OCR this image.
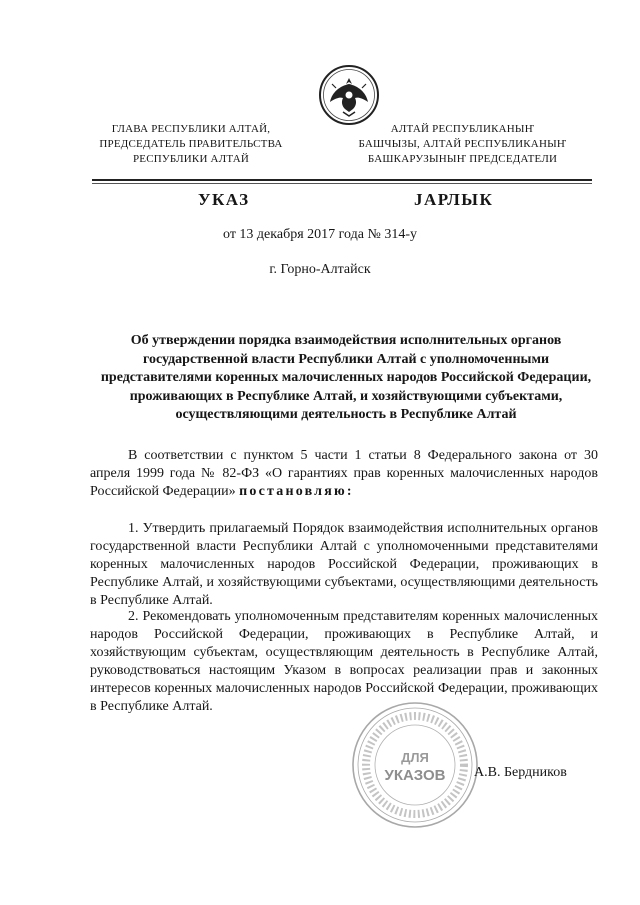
ГЛАВА РЕСПУБЛИКИ АЛТАЙ,
ПРЕДСЕДАТЕЛЬ ПРАВИТЕЛЬСТВА
РЕСПУБЛИКИ АЛТАЙ
АЛТАЙ РЕСПУБЛИКАНЫҤ
БАШЧЫЗЫ, АЛТАЙ РЕСПУБЛИКАНЫҤ
БАШКАРУЗЫНЫҤ ПРЕДСЕДАТЕЛИ
УКАЗ	JАРЛЫК
от 13 декабря 2017 года № 314-у
г. Горно-Алтайск
Об утверждении порядка взаимодействия исполнительных органов государственной власти Республики Алтай с уполномоченными представителями коренных малочисленных народов Российской Федерации, проживающих в Республике Алтай, и хозяйствующими субъектами, осуществляющими деятельность в Республике Алтай
В соответствии с пунктом 5 части 1 статьи 8 Федерального закона от 30 апреля 1999 года № 82-ФЗ «О гарантиях прав коренных малочисленных народов Российской Федерации» постановляю:
1. Утвердить прилагаемый Порядок взаимодействия исполнительных органов государственной власти Республики Алтай с уполномоченными представителями коренных малочисленных народов Российской Федерации, проживающих в Республике Алтай, и хозяйствующими субъектами, осуществляющими деятельность в Республике Алтай.
2. Рекомендовать уполномоченным представителям коренных малочисленных народов Российской Федерации, проживающих в Республике Алтай, и хозяйствующим субъектам, осуществляющим деятельность в Республике Алтай, руководствоваться настоящим Указом в вопросах реализации прав и законных интересов коренных малочисленных народов Российской Федерации, проживающих в Республике Алтай.
ДЛЯ
УКАЗОВ А.В. Бердников
